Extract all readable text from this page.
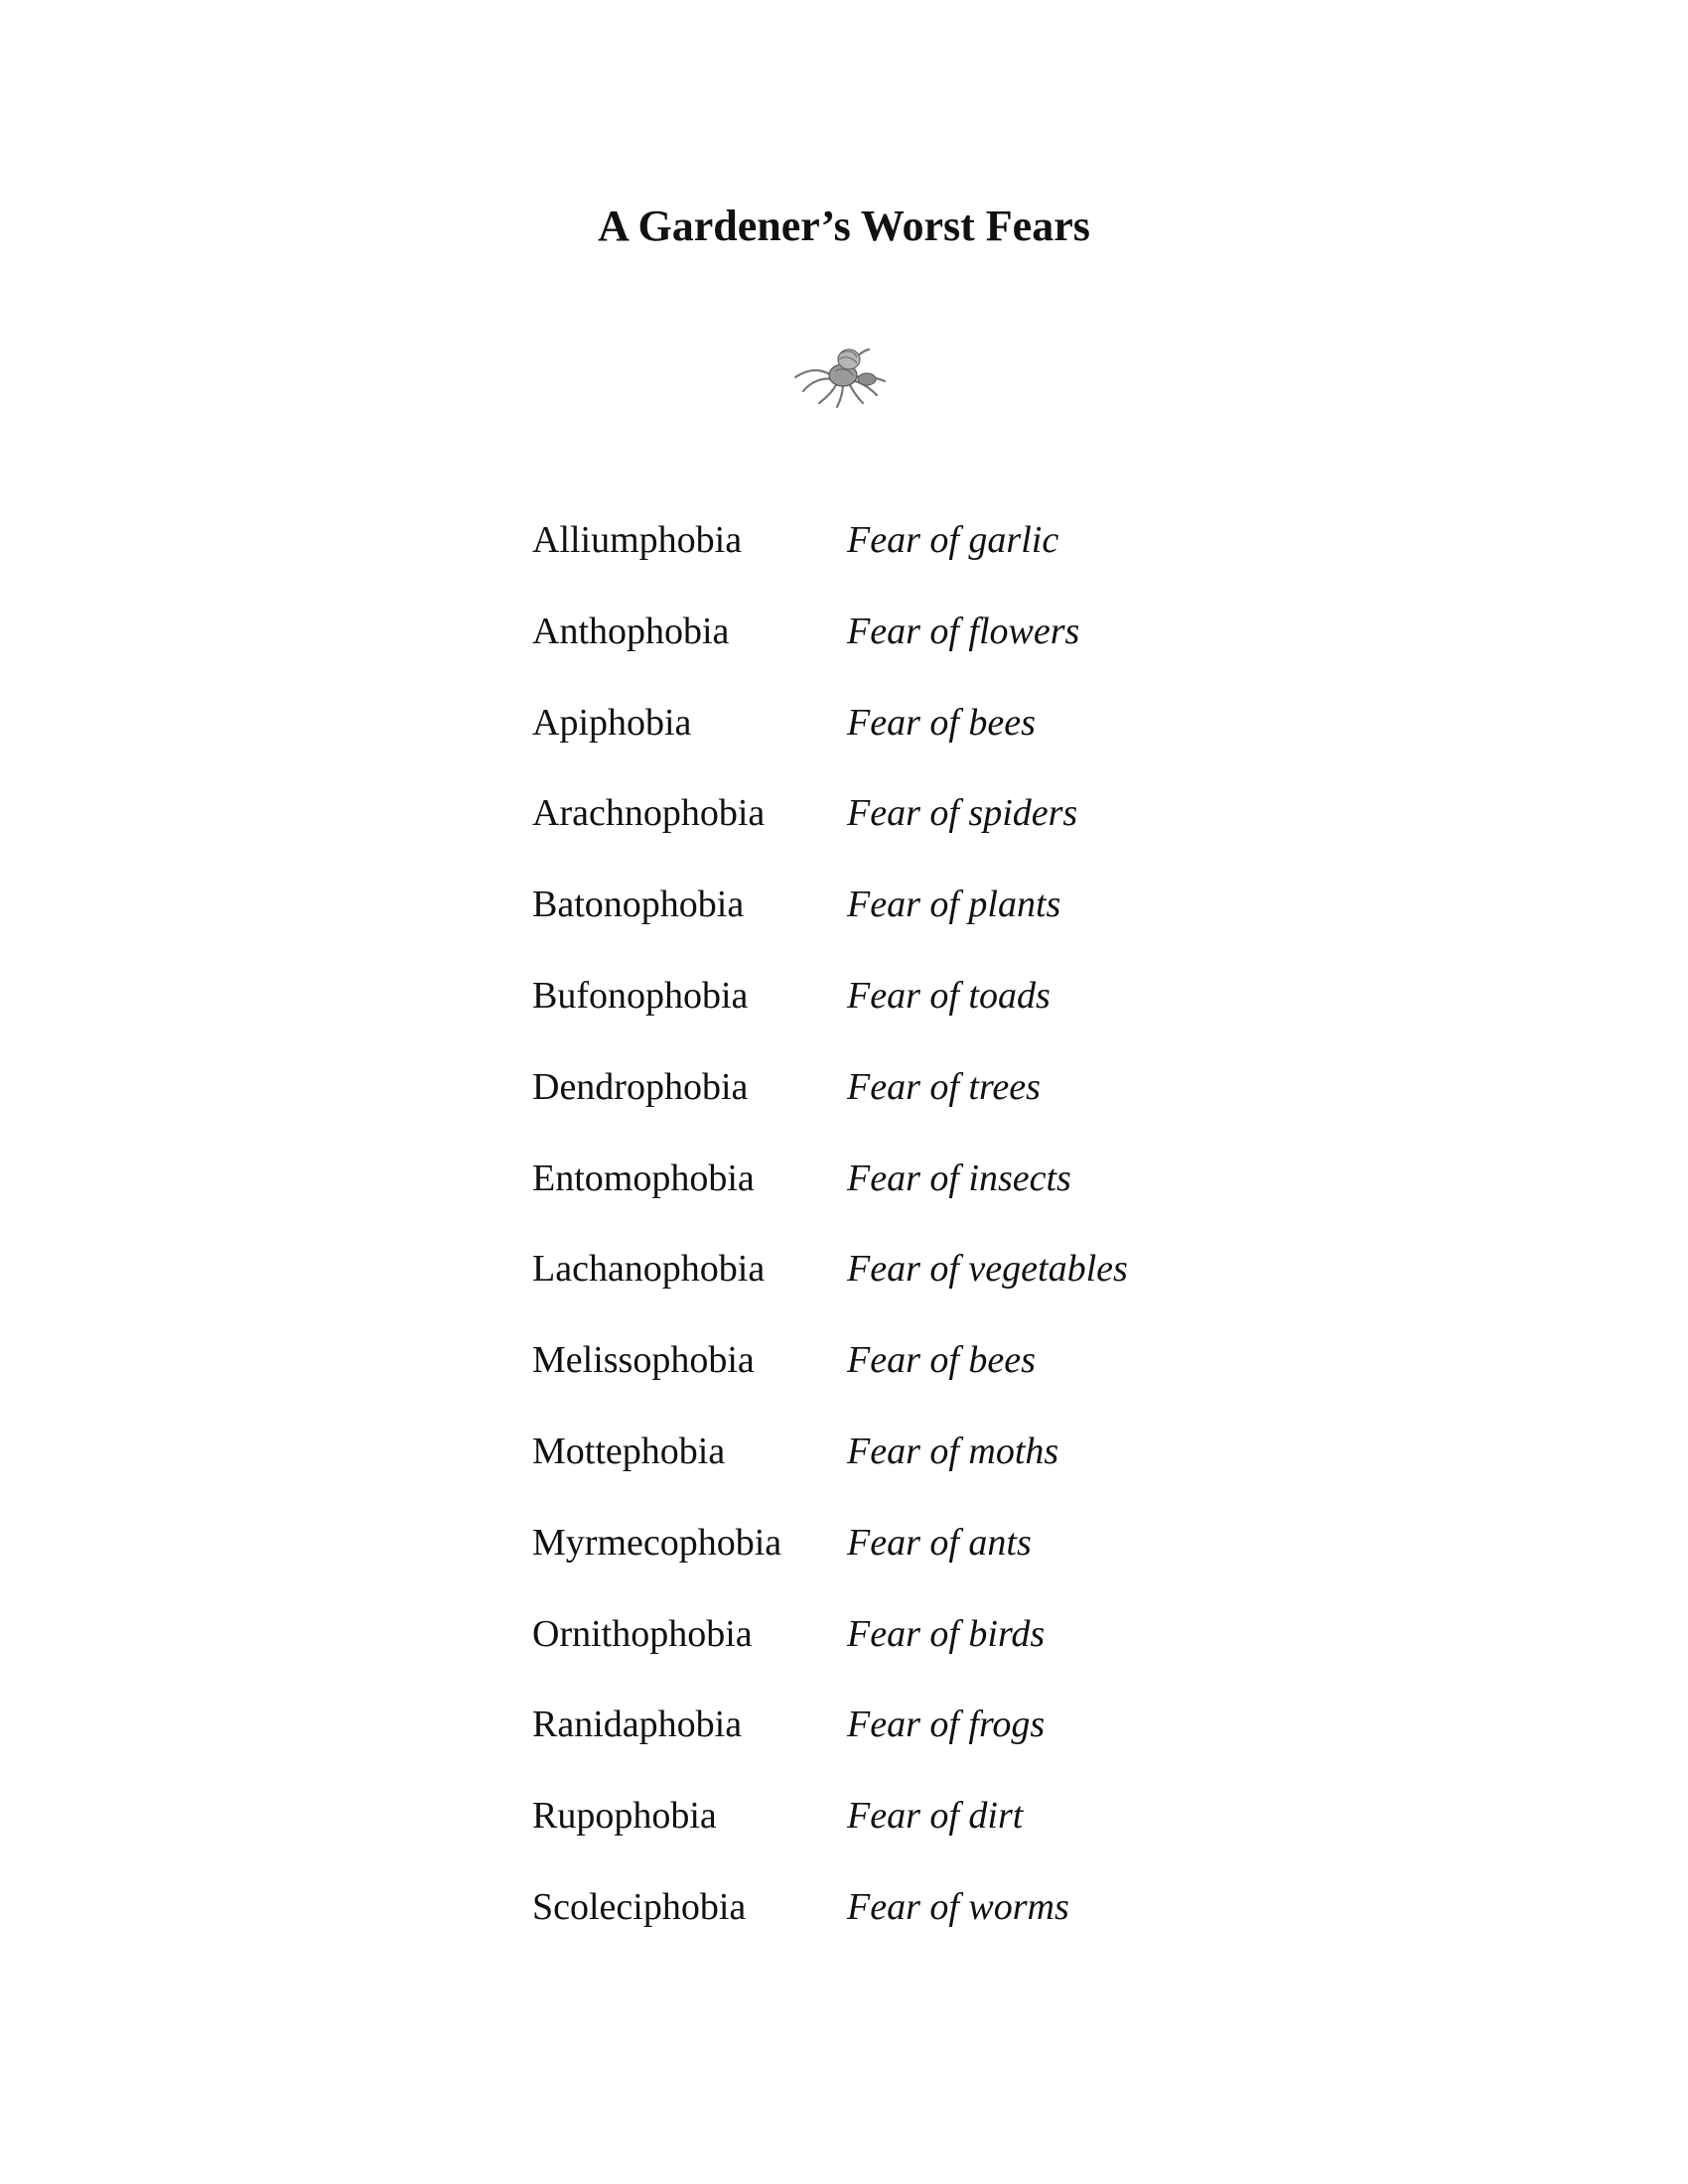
A Gardener’s Worst Fears
Alliumphobia	Fear of garlic
Anthophobia	Fear of flowers
Apiphobia	Fear of bees
Arachnophobia	Fear of spiders
Batonophobia	Fear of plants
Bufonophobia	Fear of toads
Dendrophobia	Fear of trees
Entomophobia	Fear of insects
Lachanophobia	Fear of vegetables
Melissophobia	Fear of bees
Mottephobia	Fear of moths
Myrmecophobia	Fear of ants
Ornithophobia	Fear of birds
Ranidaphobia	Fear of frogs
Rupophobia	Fear of dirt
Scoleciphobia	Fear of worms
